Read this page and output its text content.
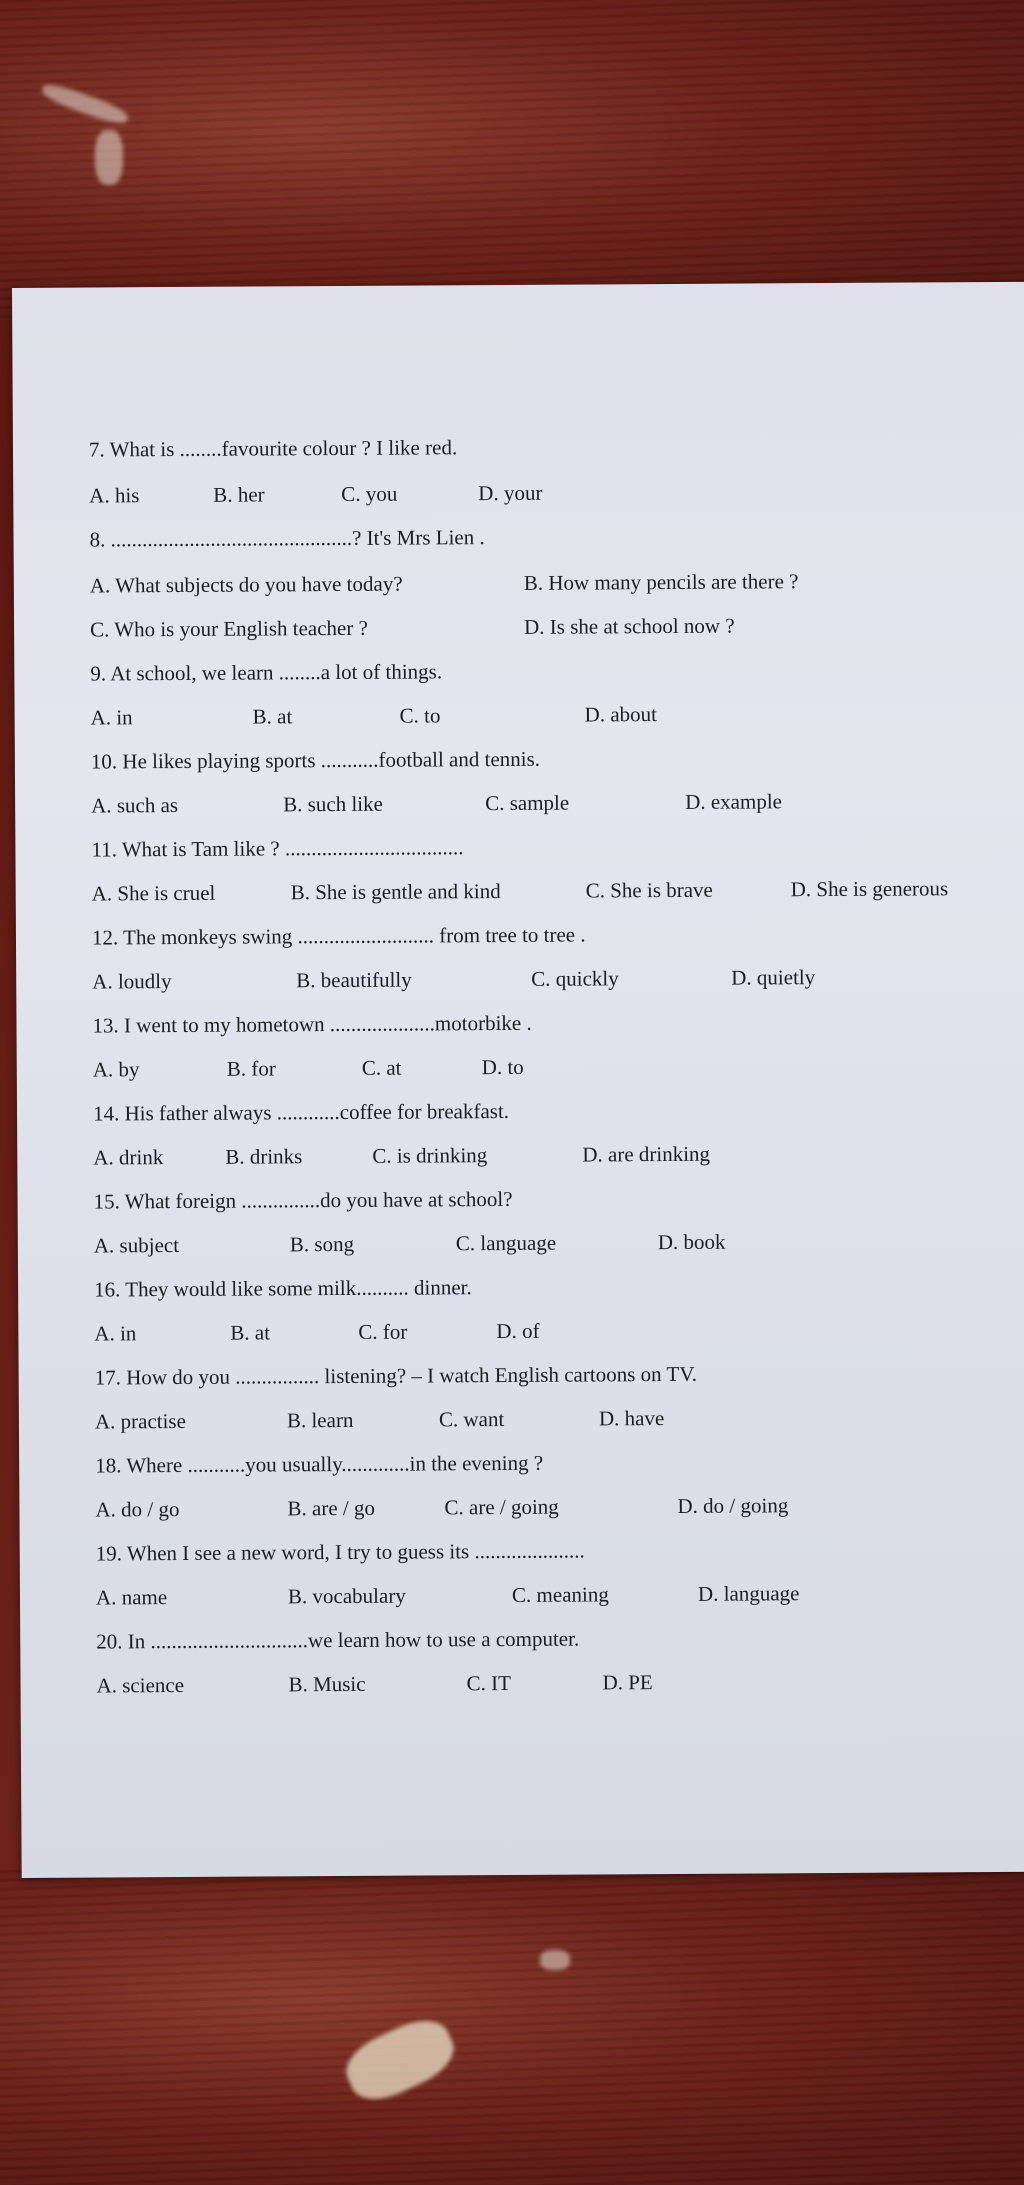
7. What is ........favourite colour ? I like red.
A. his	B. her	C. you	D. your
8. ..............................................? It's Mrs Lien .
A. What subjects do you have today?	B. How many pencils are there ?
C. Who is your English teacher ?	D. Is she at school now ?
9. At school, we learn ........a lot of things.
A. in	B. at	C. to	D. about
10. He likes playing sports ...........football and tennis.
A. such as	B. such like	C. sample	D. example
11. What is Tam like ? ..................................
A. She is cruel	B. She is gentle and kind	C. She is brave	D. She is generous
12. The monkeys swing .......................... from tree to tree .
A. loudly	B. beautifully	C. quickly	D. quietly
13. I went to my hometown ....................motorbike .
A. by	B. for	C. at	D. to
14. His father always ............coffee for breakfast.
A. drink	B. drinks	C. is drinking	D. are drinking
15. What foreign ...............do you have at school?
A. subject	B. song	C. language	D. book
16. They would like some milk.......... dinner.
A. in	B. at	C. for	D. of
17. How do you ................ listening? – I watch English cartoons on TV.
A. practise	B. learn	C. want	D. have
18. Where ...........you usually.............in the evening ?
A. do / go	B. are / go	C. are / going	D. do / going
19. When I see a new word, I try to guess its .....................
A. name	B. vocabulary	C. meaning	D. language
20. In ..............................we learn how to use a computer.
A. science	B. Music	C. IT	D. PE
